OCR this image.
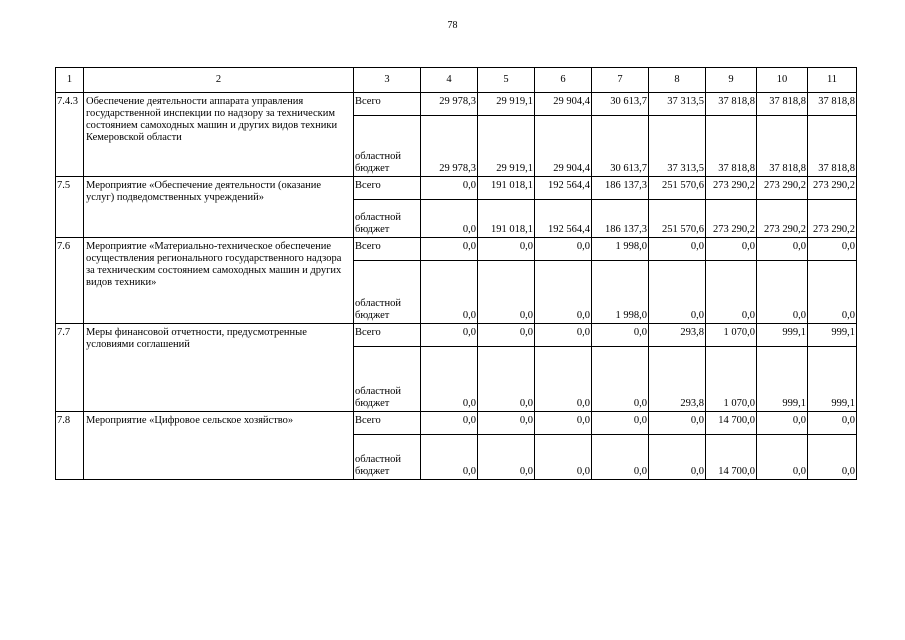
78
1	2	3	4	5	6	7	8	9	10	11
7.4.3	Обеспечение деятельности аппарата управления государственной инспекции по надзору за техническим состоянием самоходных машин и других видов техники Кемеровской области	Всего	29 978,3	29 919,1	29 904,4	30 613,7	37 313,5	37 818,8	37 818,8	37 818,8
		областной бюджет	29 978,3	29 919,1	29 904,4	30 613,7	37 313,5	37 818,8	37 818,8	37 818,8
7.5	Мероприятие «Обеспечение деятельности (оказание услуг) подведомственных учреждений»	Всего	0,0	191 018,1	192 564,4	186 137,3	251 570,6	273 290,2	273 290,2	273 290,2
		областной бюджет	0,0	191 018,1	192 564,4	186 137,3	251 570,6	273 290,2	273 290,2	273 290,2
7.6	Мероприятие «Материально-техническое обеспечение осуществления регионального государственного надзора за техническим состоянием самоходных машин и других видов техники»	Всего	0,0	0,0	0,0	1 998,0	0,0	0,0	0,0	0,0
		областной бюджет	0,0	0,0	0,0	1 998,0	0,0	0,0	0,0	0,0
7.7	Меры финансовой отчетности, предусмотренные условиями соглашений	Всего	0,0	0,0	0,0	0,0	293,8	1 070,0	999,1	999,1
		областной бюджет	0,0	0,0	0,0	0,0	293,8	1 070,0	999,1	999,1
7.8	Мероприятие «Цифровое сельское хозяйство»	Всего	0,0	0,0	0,0	0,0	0,0	14 700,0	0,0	0,0
		областной бюджет	0,0	0,0	0,0	0,0	0,0	14 700,0	0,0	0,0
